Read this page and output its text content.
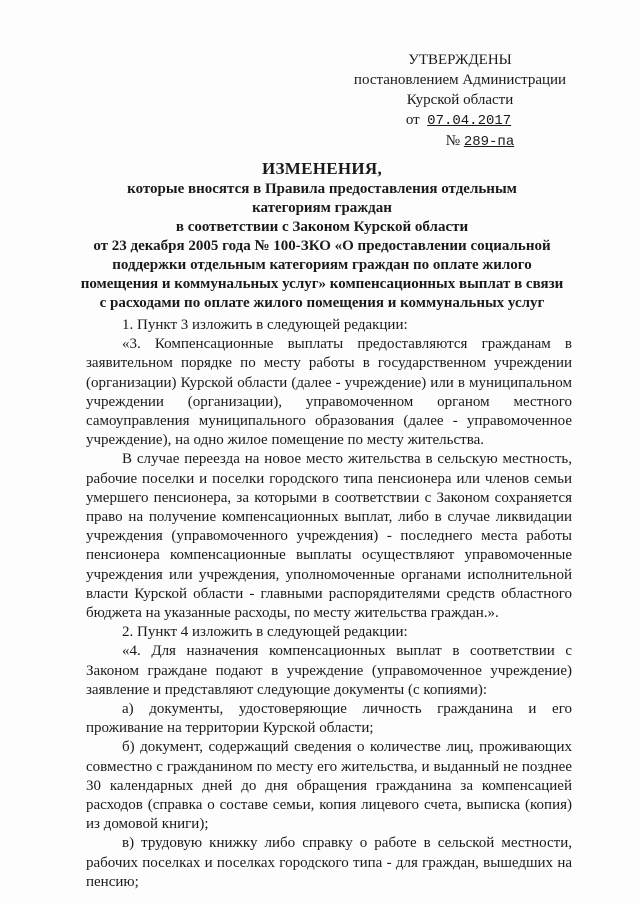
УТВЕРЖДЕНЫ
постановлением Администрации
Курской области
от 07.04.2017
№ 289-па
ИЗМЕНЕНИЯ,
которые вносятся в Правила предоставления отдельным
категориям граждан
в соответствии с Законом Курской области
от 23 декабря 2005 года № 100-ЗКО «О предоставлении социальной
поддержки отдельным категориям граждан по оплате жилого
помещения и коммунальных услуг» компенсационных выплат в связи
с расходами по оплате жилого помещения и коммунальных услуг

1. Пункт 3 изложить в следующей редакции:

«3. Компенсационные выплаты предоставляются гражданам в заявительном порядке по месту работы в государственном учреждении (организации) Курской области (далее - учреждение) или в муниципальном учреждении (организации), управомоченном органом местного самоуправления муниципального образования (далее - управомоченное учреждение), на одно жилое помещение по месту жительства.

В случае переезда на новое место жительства в сельскую местность, рабочие поселки и поселки городского типа пенсионера или членов семьи умершего пенсионера, за которыми в соответствии с Законом сохраняется право на получение компенсационных выплат, либо в случае ликвидации учреждения (управомоченного учреждения) - последнего места работы пенсионера компенсационные выплаты осуществляют управомоченные учреждения или учреждения, уполномоченные органами исполнительной власти Курской области - главными распорядителями средств областного бюджета на указанные расходы, по месту жительства граждан.».

2. Пункт 4 изложить в следующей редакции:

«4. Для назначения компенсационных выплат в соответствии с Законом граждане подают в учреждение (управомоченное учреждение) заявление и представляют следующие документы (с копиями):

а) документы, удостоверяющие личность гражданина и его проживание на территории Курской области;

б) документ, содержащий сведения о количестве лиц, проживающих совместно с гражданином по месту его жительства, и выданный не позднее 30 календарных дней до дня обращения гражданина за компенсацией расходов (справка о составе семьи, копия лицевого счета, выписка (копия) из домовой книги);

в) трудовую книжку либо справку о работе в сельской местности, рабочих поселках и поселках городского типа - для граждан, вышедших на пенсию;
